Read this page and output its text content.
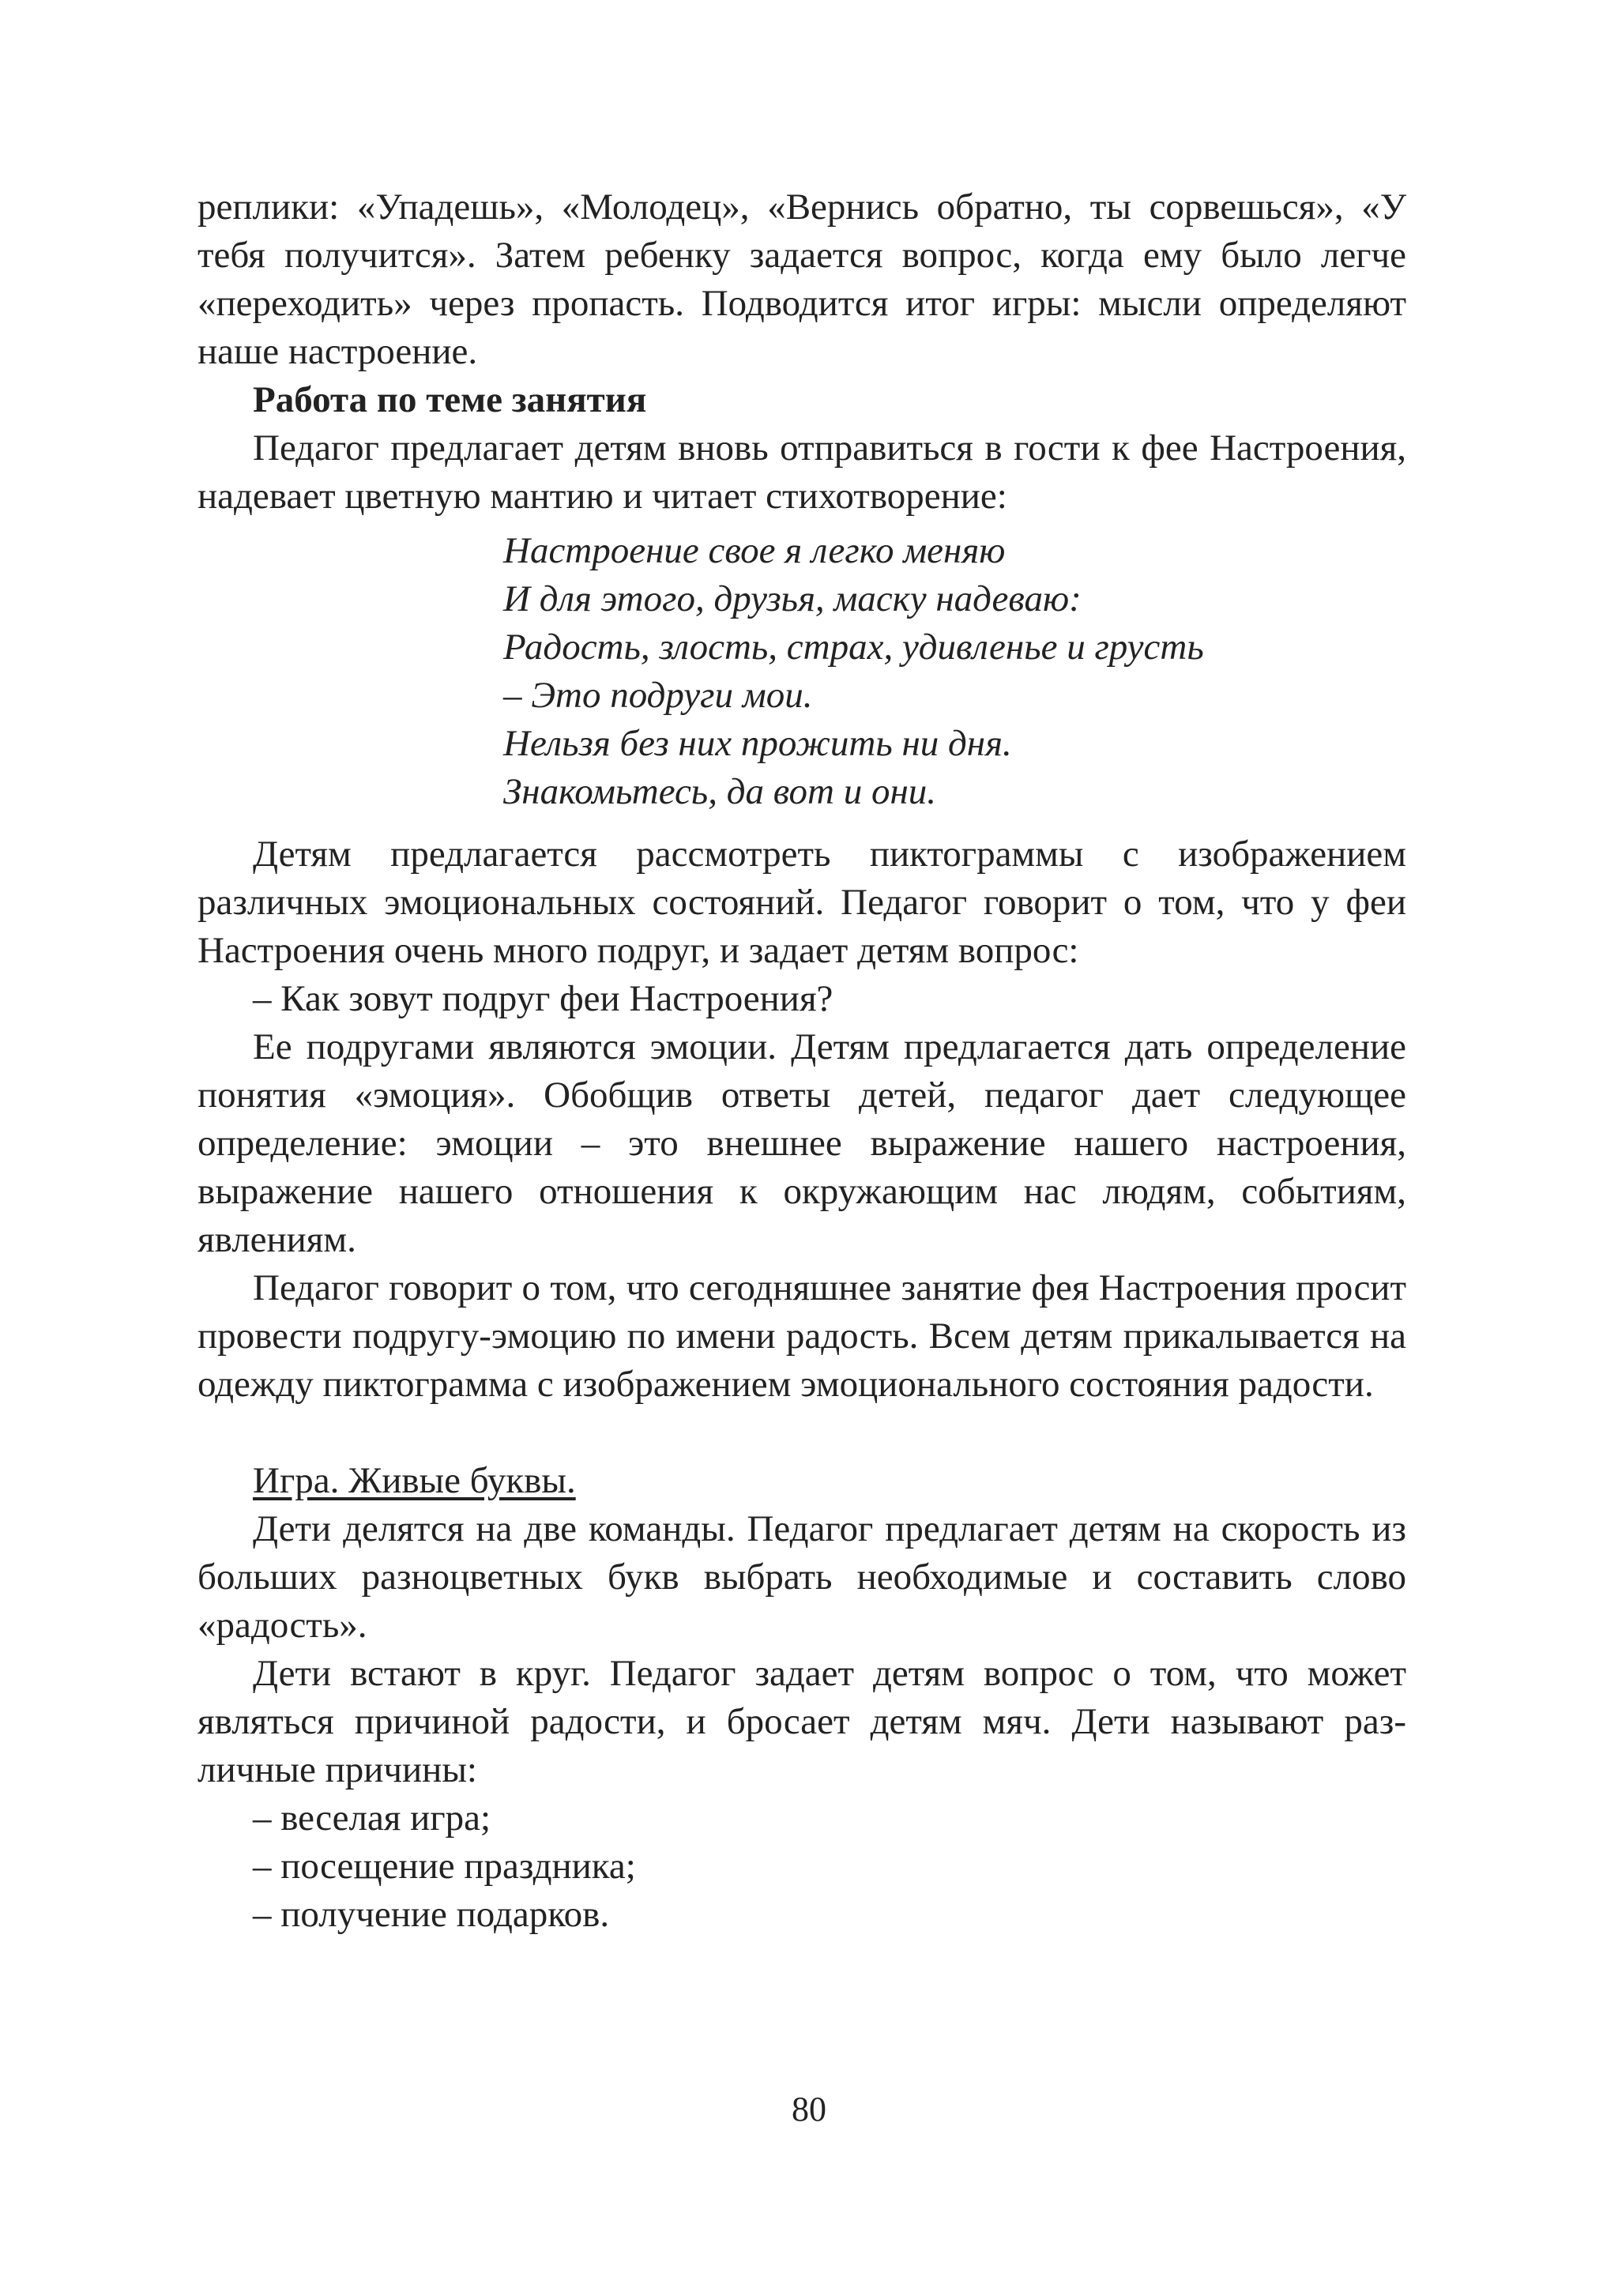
реплики: «Упадешь», «Молодец», «Вернись обратно, ты сорвешься», «У тебя получится». Затем ребенку задается вопрос, когда ему было легче «переходить» через пропасть. Подводится итог игры: мысли определяют наше настроение.

Работа по теме занятия

Педагог предлагает детям вновь отправиться в гости к фее Настроения, надевает цветную мантию и читает стихотворение:

Настроение свое я легко меняю
И для этого, друзья, маску надеваю:
Радость, злость, страх, удивленье и грусть
– Это подруги мои.
Нельзя без них прожить ни дня.
Знакомьтесь, да вот и они.

Детям предлагается рассмотреть пиктограммы с изображением различных эмоциональных состояний. Педагог говорит о том, что у феи Настроения очень много подруг, и задает детям вопрос:

– Как зовут подруг феи Настроения?

Ее подругами являются эмоции. Детям предлагается дать определение понятия «эмоция». Обобщив ответы детей, педагог дает следующее определение: эмоции – это внешнее выражение нашего настроения, выражение нашего отношения к окружающим нас людям, событиям, явлениям.

Педагог говорит о том, что сегодняшнее занятие фея Настроения просит провести подругу-эмоцию по имени радость. Всем детям прикалывается на одежду пиктограмма с изображением эмоционального состояния радости.

Игра. Живые буквы.

Дети делятся на две команды. Педагог предлагает детям на скорость из больших разноцветных букв выбрать необходимые и состaвить слово «радость».

Дети встают в круг. Педагог задает детям вопрос о том, что может являться причиной радости, и бросает детям мяч. Дети называют различные причины:

– веселая игра;

– посещение праздника;

– получение подарков.

80
